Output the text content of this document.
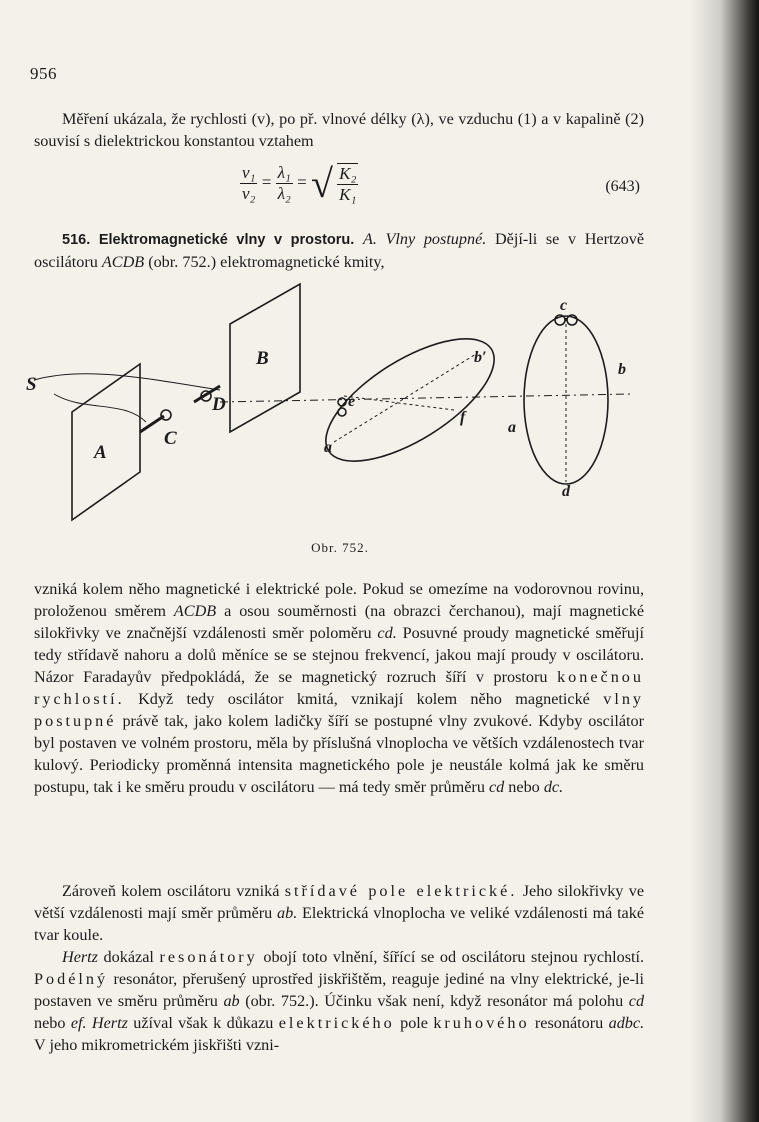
956

Měření ukázala, že rychlosti (v), po př. vlnové délky (λ), ve vzduchu (1) a v kapalině (2) souvisí s dielektrickou konstantou vztahem

$\frac{\text{v₁}}{\text{v₂}} = \frac{\text{λ₁}}{\text{λ₂}}$ = √ $\frac{\text{K₂}}{\text{K₁}}$	(643)

516. Elektromagnetické vlny v prostoru. A. Vlny postupné. Dějí-li se v Hertzově oscilátoru ACDB (obr. 752.) elektromagnetické kmity,

S
A
B
C
D	e
a
b′
f
c
b
a
d
Obr. 752.

vzniká kolem něho magnetické i elektrické pole. Pokud se omezíme na vodorovnou rovinu, proloženou směrem ACDB a osou souměrnosti (na obrazci čerchanou), mají magnetické silokřivky ve značnější vzdálenosti směr poloměru cd. Posuvné proudy magnetické směřují tedy střídavě nahoru a dolů měníce se se stejnou frekvencí, jakou mají proudy v oscilátoru. Názor Faradayův předpokládá, že se magnetický rozruch šíří v prostoru konečnou rychlostí. Když tedy oscilátor kmitá, vznikají kolem něho magnetické vlny postupné právě tak, jako kolem ladičky šíří se postupné vlny zvukové. Kdyby oscilátor byl postaven ve volném prostoru, měla by příslušná vlnoplocha ve větších vzdálenostech tvar kulový. Periodicky proměnná intensita magnetického pole je neustále kolmá jak ke směru postupu, tak i ke směru proudu v oscilátoru — má tedy směr průměru cd nebo dc.

Zároveň kolem oscilátoru vzniká střídavé pole elektrické. Jeho silokřivky ve větší vzdálenosti mají směr průměru ab. Elektrická vlnoplocha ve veliké vzdálenosti má také tvar koule.

Hertz dokázal resonátory obojí toto vlnění, šířící se od oscilátoru stejnou rychlostí. Podélný resonátor, přerušený uprostřed jiskřištěm, reaguje jediné na vlny elektrické, je-li postaven ve směru průměru ab (obr. 752.). Účinku však není, když resonátor má polohu cd nebo ef. Hertz užíval však k důkazu elektrického pole kruhového resonátoru adbc. V jeho mikrometrickém jiskřišti vzni-
